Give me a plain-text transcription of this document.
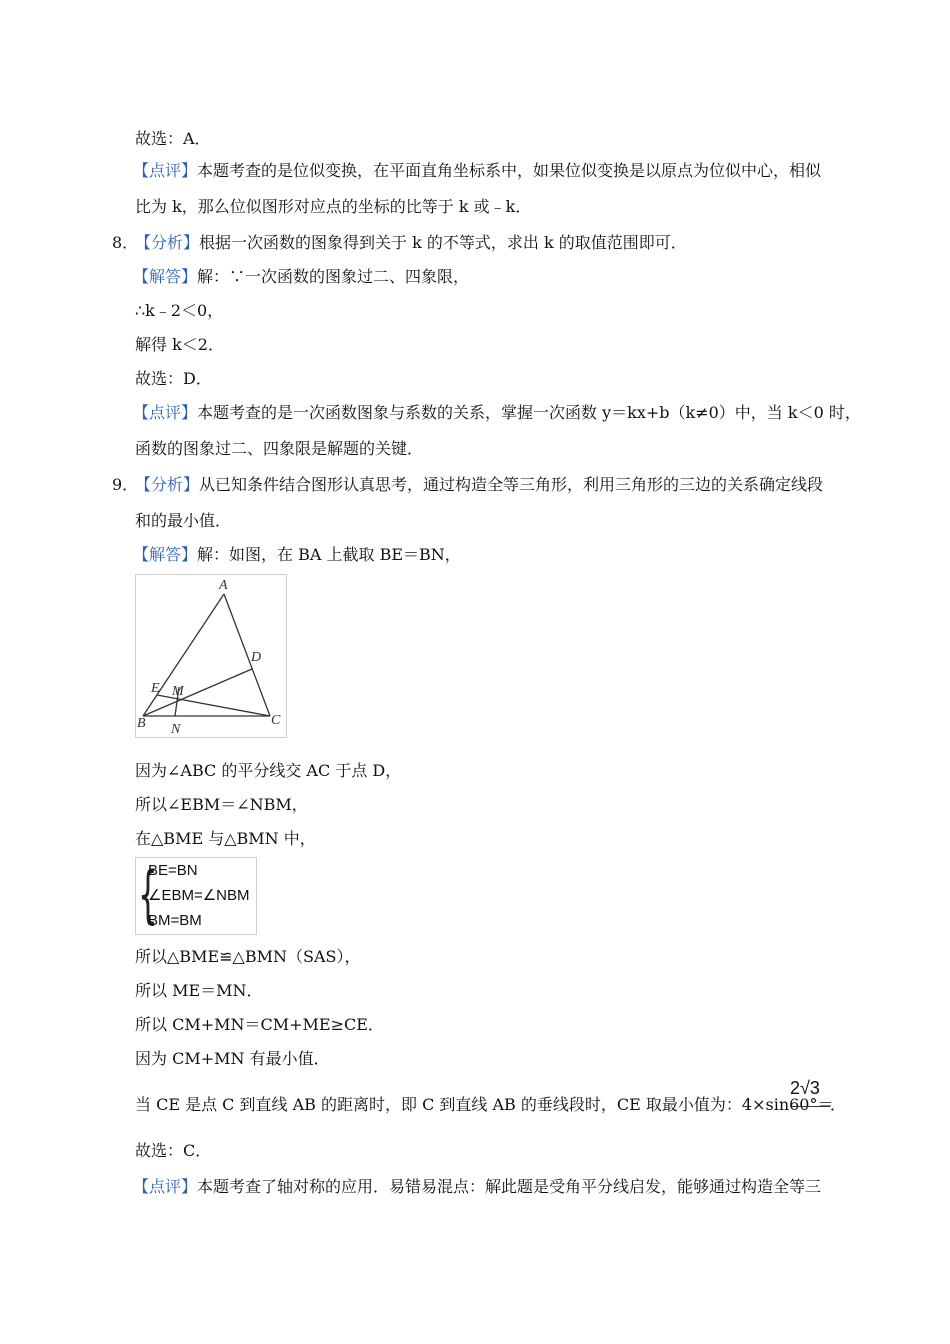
故选：A．
【点评】本题考查的是位似变换，在平面直角坐标系中，如果位似变换是以原点为位似中心，相似
比为 k，那么位似图形对应点的坐标的比等于 k 或﹣k．
8．
【分析】根据一次函数的图象得到关于 k 的不等式，求出 k 的取值范围即可．
【解答】解：∵一次函数的图象过二、四象限，
∴k﹣2＜0，
解得 k＜2．
故选：D．
【点评】本题考查的是一次函数图象与系数的关系，掌握一次函数 y＝kx+b（k≠0）中，当 k＜0 时，
函数的图象过二、四象限是解题的关键．
9．
【分析】从已知条件结合图形认真思考，通过构造全等三角形，利用三角形的三边的关系确定线段
和的最小值．
【解答】解：如图，在 BA 上截取 BE＝BN，
A
B	C
D
E M
N
因为∠ABC 的平分线交 AC 于点 D，
所以∠EBM＝∠NBM，
在△BME 与△BMN 中，
{
BE=BN
∠EBM=∠NBM
BM=BM
所以△BME≌△BMN（SAS），
所以 ME＝MN．
所以 CM+MN＝CM+ME≥CE．
因为 CM+MN 有最小值．
当 CE 是点 C 到直线 AB 的距离时，即 C 到直线 AB 的垂线段时，CE 取最小值为：4×sin60°＝
2√3
．
故选：C．
【点评】本题考查了轴对称的应用．易错易混点：解此题是受角平分线启发，能够通过构造全等三
